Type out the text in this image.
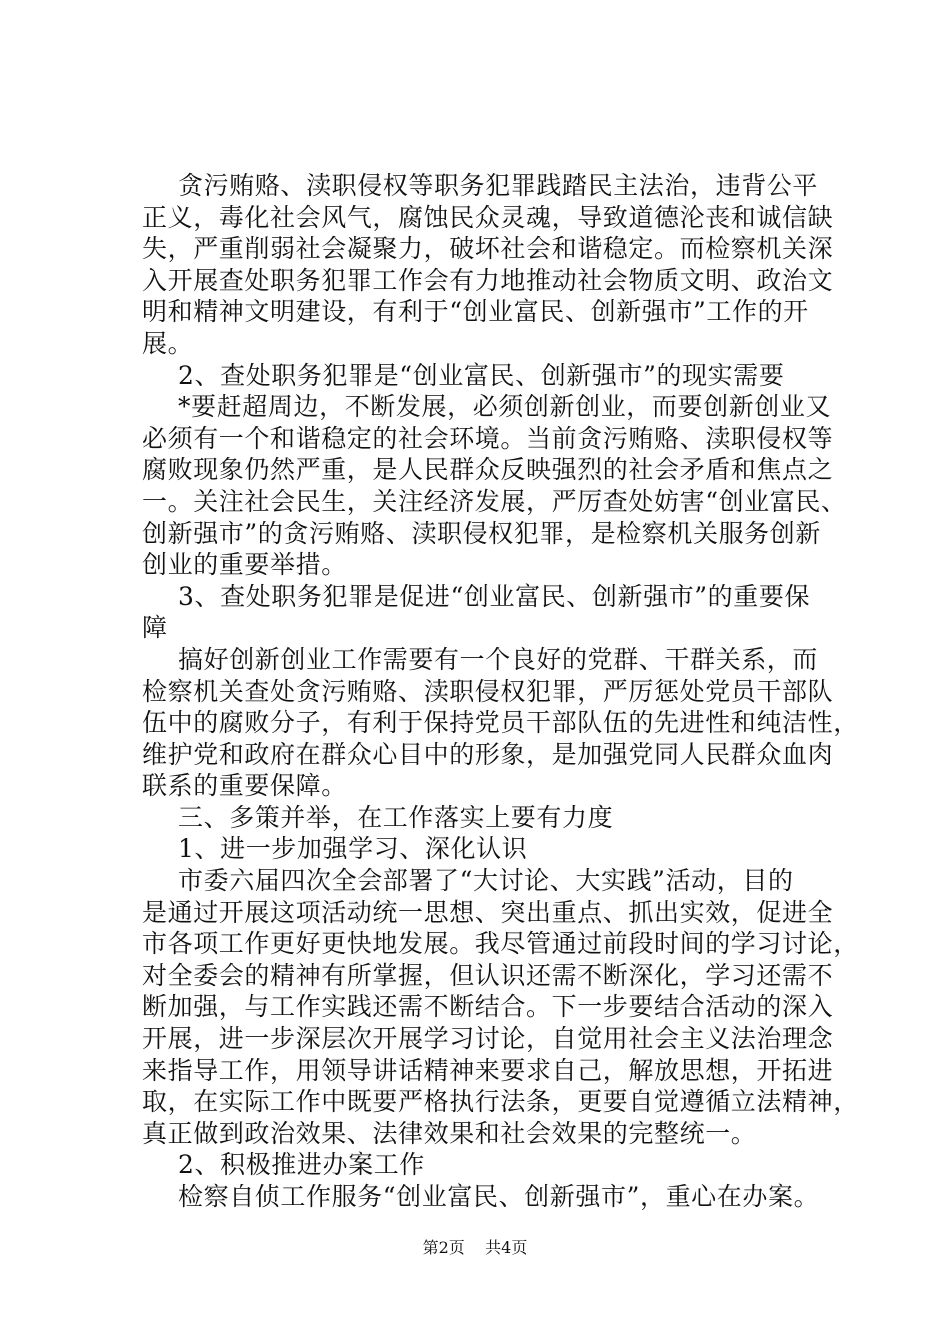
贪污贿赂、渎职侵权等职务犯罪践踏民主法治，违背公平
正义，毒化社会风气，腐蚀民众灵魂，导致道德沦丧和诚信缺
失，严重削弱社会凝聚力，破坏社会和谐稳定。而检察机关深
入开展查处职务犯罪工作会有力地推动社会物质文明、政治文
明和精神文明建设，有利于“创业富民、创新强市”工作的开
展。
2、查处职务犯罪是“创业富民、创新强市”的现实需要
*要赶超周边，不断发展，必须创新创业，而要创新创业又
必须有一个和谐稳定的社会环境。当前贪污贿赂、渎职侵权等
腐败现象仍然严重，是人民群众反映强烈的社会矛盾和焦点之
一。关注社会民生，关注经济发展，严厉查处妨害“创业富民、
创新强市”的贪污贿赂、渎职侵权犯罪，是检察机关服务创新
创业的重要举措。
3、查处职务犯罪是促进“创业富民、创新强市”的重要保
障
搞好创新创业工作需要有一个良好的党群、干群关系，而
检察机关查处贪污贿赂、渎职侵权犯罪，严厉惩处党员干部队
伍中的腐败分子，有利于保持党员干部队伍的先进性和纯洁性，
维护党和政府在群众心目中的形象，是加强党同人民群众血肉
联系的重要保障。
三、多策并举，在工作落实上要有力度
1、进一步加强学习、深化认识
市委六届四次全会部署了“大讨论、大实践”活动，目的
是通过开展这项活动统一思想、突出重点、抓出实效，促进全
市各项工作更好更快地发展。我尽管通过前段时间的学习讨论，
对全委会的精神有所掌握，但认识还需不断深化，学习还需不
断加强，与工作实践还需不断结合。下一步要结合活动的深入
开展，进一步深层次开展学习讨论，自觉用社会主义法治理念
来指导工作，用领导讲话精神来要求自己，解放思想，开拓进
取，在实际工作中既要严格执行法条，更要自觉遵循立法精神，
真正做到政治效果、法律效果和社会效果的完整统一。
2、积极推进办案工作
检察自侦工作服务“创业富民、创新强市”，重心在办案。
第2页 共4页
